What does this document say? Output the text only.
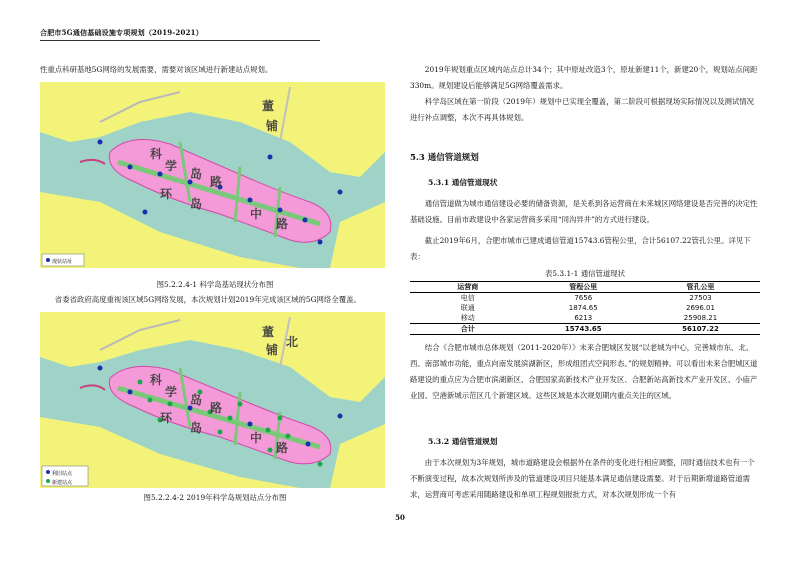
合肥市5G通信基础设施专项规划（2019-2021）
性重点科研基地5G网络的发展需要，需要对该区域进行新建站点规划。
董
铺
科
学
岛
路
环
岛
中
路
现状站址
图5.2.2.4-1 科学岛基站现状分布图
省委省政府高度重视该区域5G网络发展，本次规划计划2019年完成该区域的5G网络全覆盖。
董
铺
北
科
学
岛
路
环
岛
中
路
利旧站点
新建站点
图5.2.2.4-2 2019年科学岛规划站点分布图
2019年规划重点区域内站点总计34个；其中原址改造3个，原址新建11个，新建20个，规划站点间距330m。规划建设后能够满足5G网络覆盖需求。
科学岛区域在第一阶段（2019年）规划中已实现全覆盖，第二阶段可根据现场实际情况以及测试情况进行补点调整，本次不再具体规划。
5.3 通信管道规划
5.3.1 通信管道现状
通信管道做为城市通信建设必要的储备资源，是关系到各运营商在未来城区网络建设是否完善的决定性基础设施。目前市政建设中各家运营商多采用“同沟异井”的方式进行建设。
截止2019年6月，合肥市城市已建成通信管道15743.6管程公里，合计56107.22管孔公里。详见下表：
表5.3.1-1 通信管道现状
运营商	管程公里	管孔公里
电信	7656	27503
联通	1874.65	2696.01
移动	6213	25908.21
合计	15743.65	56107.22
结合《合肥市城市总体规划（2011-2020年）》未来合肥城区发展“以老城为中心，完善城市东、北、西、南部城市功能，重点向南发展滨湖新区，形成组团式空间形态。”的规划精神。可以看出未来合肥城区道路建设的重点应为合肥市滨湖新区、合肥国家高新技术产业开发区、合肥新站高新技术产业开发区、小庙产业园、空港新城示范区几个新建区域。这些区域是本次规划期内重点关注的区域。
5.3.2 通信管道规划
由于本次规划为3年规划，城市道路建设会根据外在条件的变化进行相应调整，同时通信技术也有一个不断演变过程，故本次规划所涉及的管道建设项目只能基本满足通信建设需要。对于后期新增道路管道需求，运营商可考虑采用随路建设和单项工程规划报批方式，对本次规划形成一个有
50
